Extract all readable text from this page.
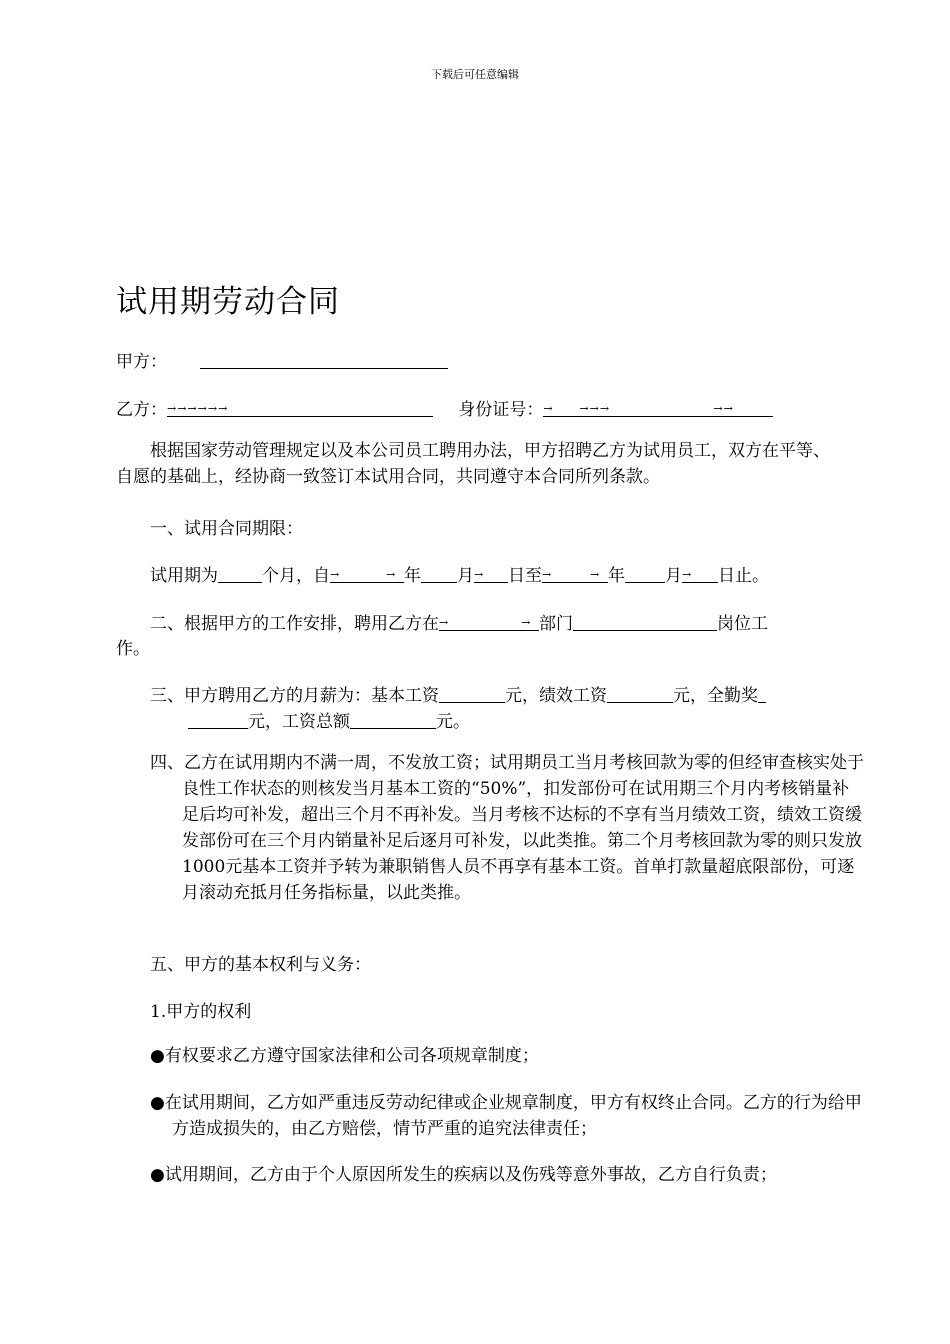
下载后可任意编辑
试用期劳动合同
甲方：
乙方： →→→→→→	身份证号： → →→→	→→
根据国家劳动管理规定以及本公司员工聘用办法，甲方招聘乙方为试用员工，双方在平等、自愿的基础上，经协商一致签订本试用合同，共同遵守本合同所列条款。
一、试用合同期限：
试用期为	个月，自 →	→ 年 月 → 日至 →	→ 年 月 → 日止。
二、根据甲方的工作安排，聘用乙方在 →	→ 部门	岗位工
作。
三、甲方聘用乙方的月薪为：基本工资	元，绩效工资	元，全勤奖
元，工资总额	元。
四、乙方在试用期内不满一周，不发放工资；试用期员工当月考核回款为零的但经审查核实处于良性工作状态的则核发当月基本工资的“50%”，扣发部份可在试用期三个月内考核销量补足后均可补发，超出三个月不再补发。当月考核不达标的不享有当月绩效工资，绩效工资缓发部份可在三个月内销量补足后逐月可补发，以此类推。第二个月考核回款为零的则只发放1000元基本工资并予转为兼职销售人员不再享有基本工资。首单打款量超底限部份，可逐月滚动充抵月任务指标量，以此类推。
五、甲方的基本权利与义务：
1.甲方的权利
●有权要求乙方遵守国家法律和公司各项规章制度；
●在试用期间，乙方如严重违反劳动纪律或企业规章制度，甲方有权终止合同。乙方的行为给甲方造成损失的，由乙方赔偿，情节严重的追究法律责任；
●试用期间，乙方由于个人原因所发生的疾病以及伤残等意外事故，乙方自行负责；
